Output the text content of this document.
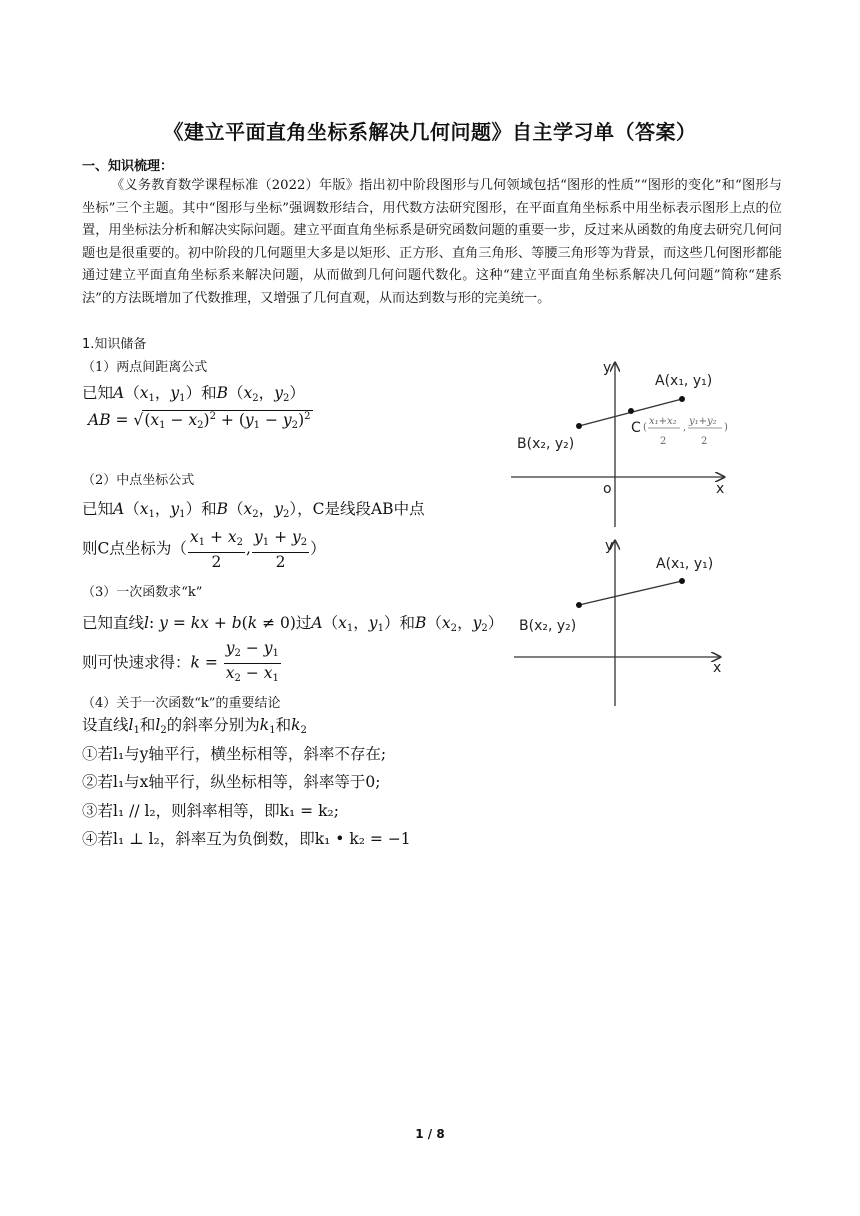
《建立平面直角坐标系解决几何问题》自主学习单（答案）
一、知识梳理：
《义务教育数学课程标准（2022）年版》指出初中阶段图形与几何领域包括“图形的性质”“图形的变化”和“图形与坐标”三个主题。其中“图形与坐标”强调数形结合，用代数方法研究图形，在平面直角坐标系中用坐标表示图形上点的位置，用坐标法分析和解决实际问题。建立平面直角坐标系是研究函数问题的重要一步，反过来从函数的角度去研究几何问题也是很重要的。初中阶段的几何题里大多是以矩形、正方形、直角三角形、等腰三角形等为背景，而这些几何图形都能通过建立平面直角坐标系来解决问题，从而做到几何问题代数化。这种“建立平面直角坐标系解决几何问题”简称“建系法”的方法既增加了代数推理，又增强了几何直观，从而达到数与形的完美统一。
1.知识储备
（1）两点间距离公式
已知$A(x_1$，$y_1$）和$B(x_2$，$y_2$）
AB = $√(x_1 - x_2)^2 + (y_1 - y_2)^2$
（2）中点坐标公式
已知$A(x_1$，$y_1$）和$B(x_2$，$y_2$），C是线段AB中点
则C点坐标为（ $\frac{x_1 + x_2}{2}$ , $\frac{y_1 + y_2}{2}$ ）
（3）一次函数求“k”
已知直线l: y = kx + b(k ≠ 0)过$A(x_1$，$y_1$）和$B(x_2$，$y_2$）
则可快速求得：$k = \frac{y_2 - y_1}{x_2 - x_1}$
（4）关于一次函数“k”的重要结论
设直线$l_1$和$l_2$的斜率分别为$k_1$和$k_2$
①若l₁与y轴平行，横坐标相等，斜率不存在;
②若l₁与x轴平行，纵坐标相等，斜率等于0;
③若l₁ // l₂，则斜率相等，即k₁ = k₂;
④若l₁ ⊥ l₂，斜率互为负倒数，即k₁ • k₂ = −1
y
x
o
A(x₁, y₁)
B(x₂, y₂)
C (
x₁+x₂
2
,
y₁+y₂
2
)
y
x
A(x₁, y₁)
B(x₂, y₂)
1 / 8
